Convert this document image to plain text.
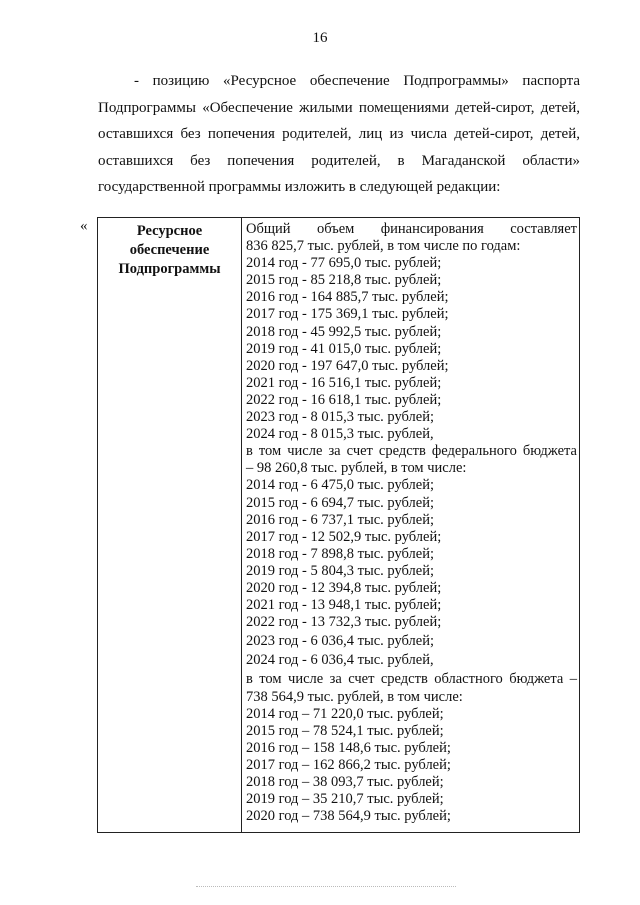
16
- позицию «Ресурсное обеспечение Подпрограммы» паспорта
Подпрограммы «Обеспечение жилыми помещениями детей-сирот, детей,
оставшихся без попечения родителей, лиц из числа детей-сирот, детей,
оставшихся без попечения родителей, в Магаданской области»
государственной программы изложить в следующей редакции:
«	Ресурсное
обеспечение
Подпрограммы
Общий объем финансирования составляет
836 825,7 тыс. рублей, в том числе по годам:
2014 год - 77 695,0 тыс. рублей;
2015 год - 85 218,8 тыс. рублей;
2016 год - 164 885,7 тыс. рублей;
2017 год - 175 369,1 тыс. рублей;
2018 год - 45 992,5 тыс. рублей;
2019 год - 41 015,0 тыс. рублей;
2020 год - 197 647,0 тыс. рублей;
2021 год - 16 516,1 тыс. рублей;
2022 год - 16 618,1 тыс. рублей;
2023 год - 8 015,3 тыс. рублей;
2024 год - 8 015,3 тыс. рублей,
в том числе за счет средств федерального бюджета
– 98 260,8 тыс. рублей, в том числе:
2014 год - 6 475,0 тыс. рублей;
2015 год - 6 694,7 тыс. рублей;
2016 год - 6 737,1 тыс. рублей;
2017 год - 12 502,9 тыс. рублей;
2018 год - 7 898,8 тыс. рублей;
2019 год - 5 804,3 тыс. рублей;
2020 год - 12 394,8 тыс. рублей;
2021 год - 13 948,1 тыс. рублей;
2022 год - 13 732,3 тыс. рублей;
2023 год - 6 036,4 тыс. рублей;
2024 год - 6 036,4 тыс. рублей,
в том числе за счет средств областного бюджета –
738 564,9 тыс. рублей, в том числе:
2014 год – 71 220,0 тыс. рублей;
2015 год – 78 524,1 тыс. рублей;
2016 год – 158 148,6 тыс. рублей;
2017 год – 162 866,2 тыс. рублей;
2018 год – 38 093,7 тыс. рублей;
2019 год – 35 210,7 тыс. рублей;
2020 год – 738 564,9 тыс. рублей;
